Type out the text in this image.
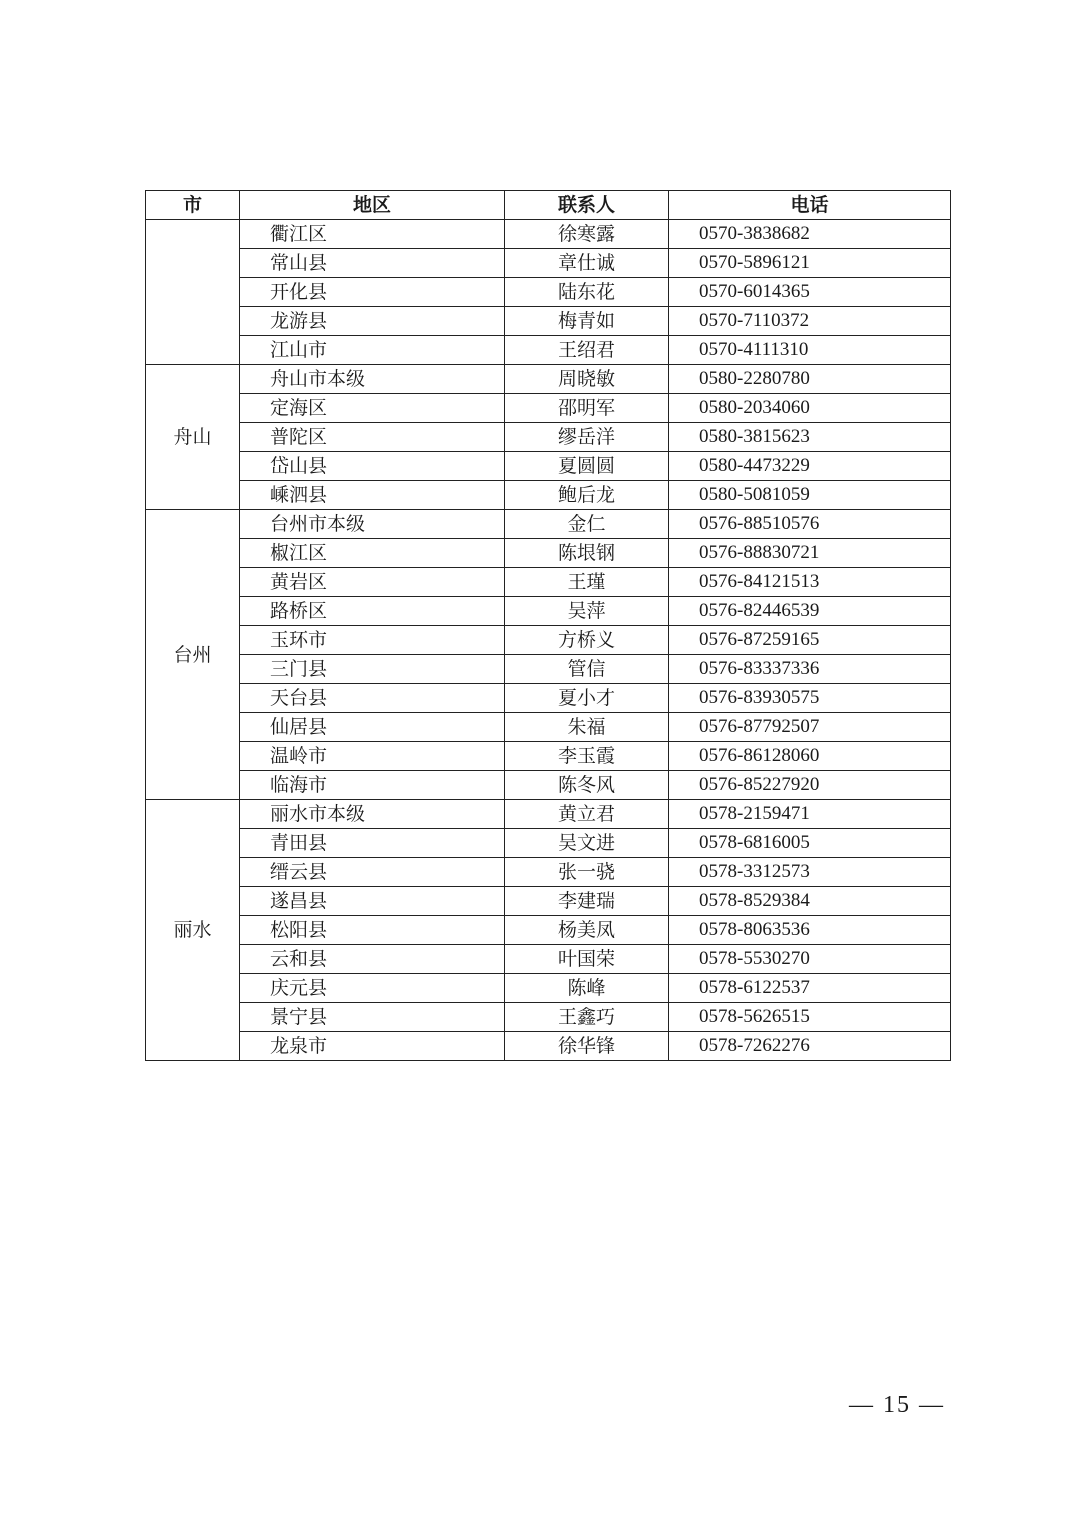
市	地区	联系人	电话
	衢江区	徐寒露	0570-3838682
	常山县	章仕诚	0570-5896121
	开化县	陆东花	0570-6014365
	龙游县	梅青如	0570-7110372
	江山市	王绍君	0570-4111310
舟山	舟山市本级	周晓敏	0580-2280780
	定海区	邵明军	0580-2034060
	普陀区	缪岳洋	0580-3815623
	岱山县	夏圆圆	0580-4473229
	嵊泗县	鲍后龙	0580-5081059
台州	台州市本级	金仁	0576-88510576
	椒江区	陈垠钢	0576-88830721
	黄岩区	王瑾	0576-84121513
	路桥区	吴萍	0576-82446539
	玉环市	方桥义	0576-87259165
	三门县	管信	0576-83337336
	天台县	夏小才	0576-83930575
	仙居县	朱福	0576-87792507
	温岭市	李玉霞	0576-86128060
	临海市	陈冬风	0576-85227920
丽水	丽水市本级	黄立君	0578-2159471
	青田县	吴文进	0578-6816005
	缙云县	张一骁	0578-3312573
	遂昌县	李建瑞	0578-8529384
	松阳县	杨美凤	0578-8063536
	云和县	叶国荣	0578-5530270
	庆元县	陈峰	0578-6122537
	景宁县	王鑫巧	0578-5626515
	龙泉市	徐华锋	0578-7262276
— 15 —
